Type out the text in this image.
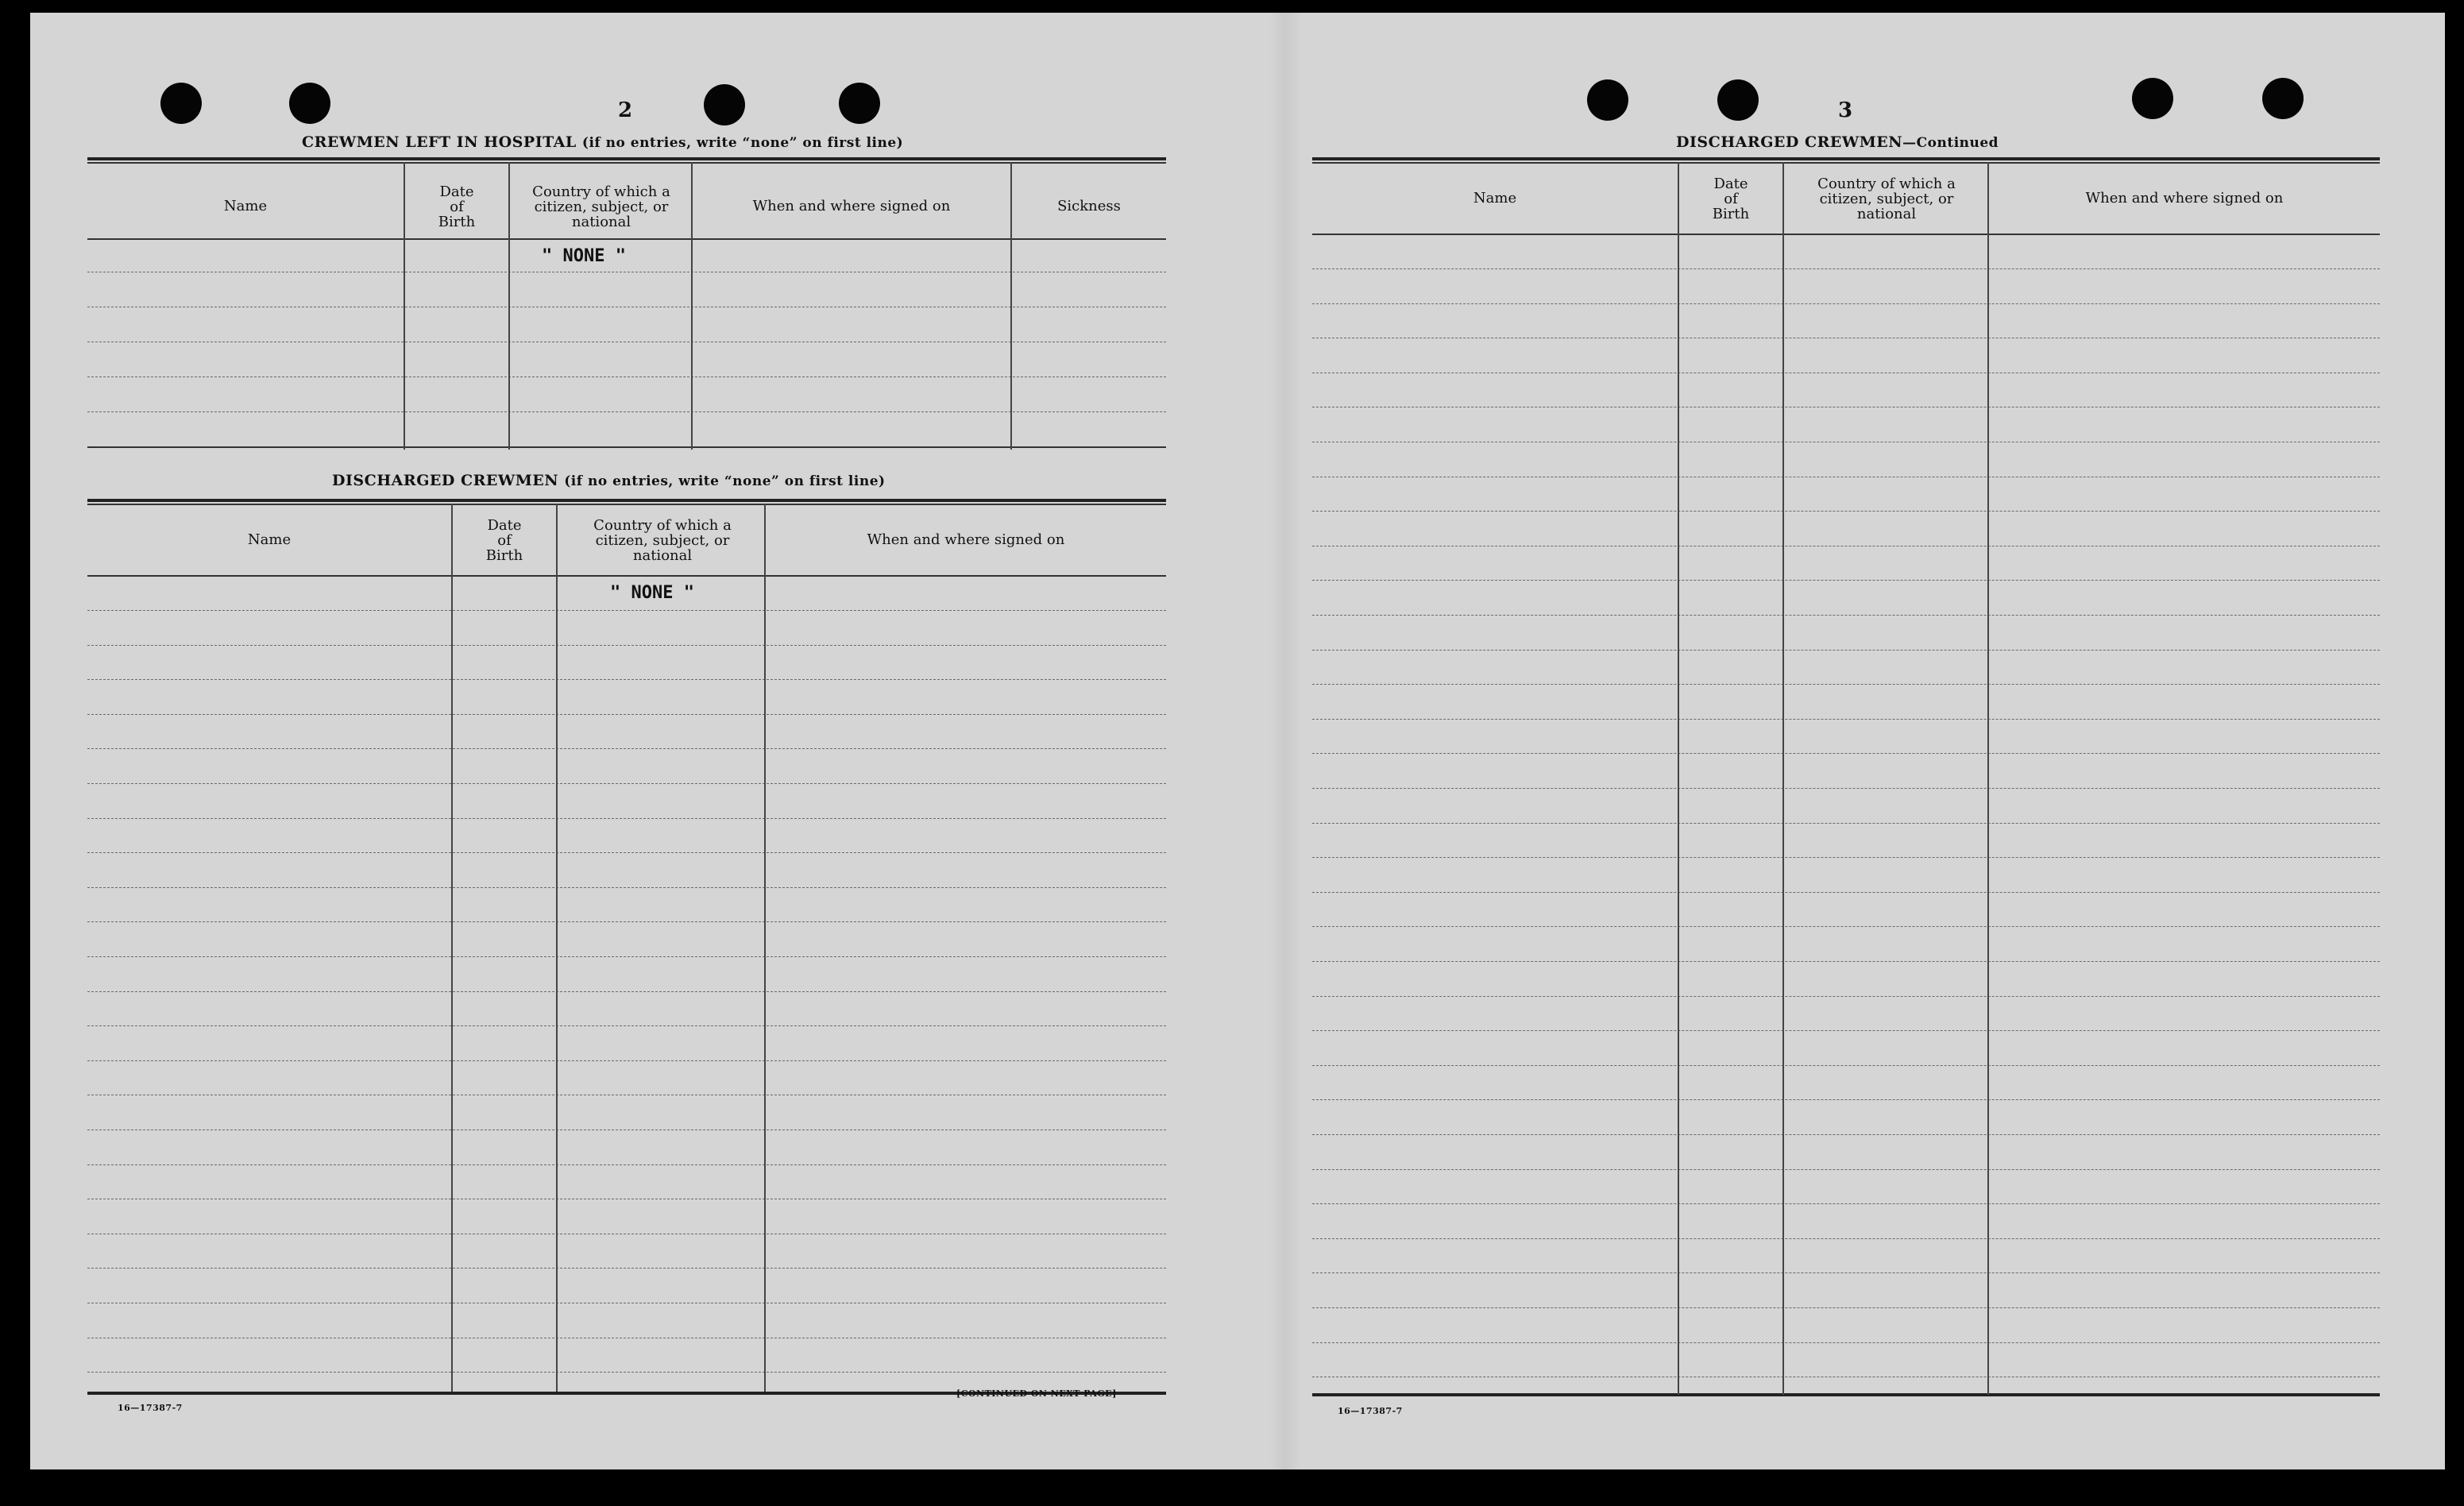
2
CREWMEN LEFT IN HOSPITAL (if no entries, write “none” on first line)
Name
Date of Birth
Country of which a citizen, subject, or national
When and where signed on	Sickness
" NONE "
DISCHARGED CREWMEN (if no entries, write “none” on first line)
Name
Date of Birth
Country of which a citizen, subject, or national
When and where signed on
" NONE "
16—17387-7
[CONTINUED ON NEXT PAGE]
3
DISCHARGED CREWMEN—Continued
Name
Date of Birth
Country of which a citizen, subject, or national
When and where signed on
16—17387-7
